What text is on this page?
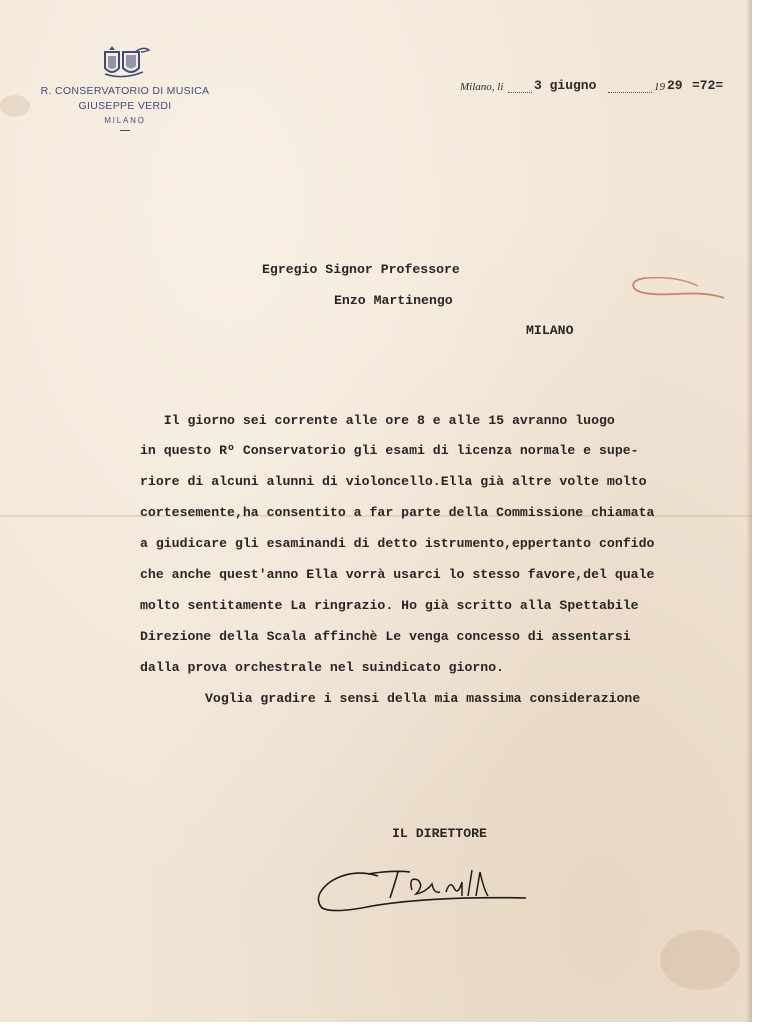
R. CONSERVATORIO DI MUSICA
GIUSEPPE VERDI
MILANO
Milano, li 3 giugno	19 29 =72=
Egregio Signor Professore
Enzo Martinengo
MILANO
Il giorno sei corrente alle ore 8 e alle 15 avranno luogo
in questo Rº Conservatorio gli esami di licenza normale e supe-
riore di alcuni alunni di violoncello.Ella già altre volte molto
cortesemente,ha consentito a far parte della Commissione chiamata
a giudicare gli esaminandi di detto istrumento,eppertanto confido
che anche quest'anno Ella vorrà usarci lo stesso favore,del quale
molto sentitamente La ringrazio. Ho già scritto alla Spettabile
Direzione della Scala affinchè Le venga concesso di assentarsi
dalla prova orchestrale nel suindicato giorno.
Voglia gradire i sensi della mia massima considerazione
IL DIRETTORE
